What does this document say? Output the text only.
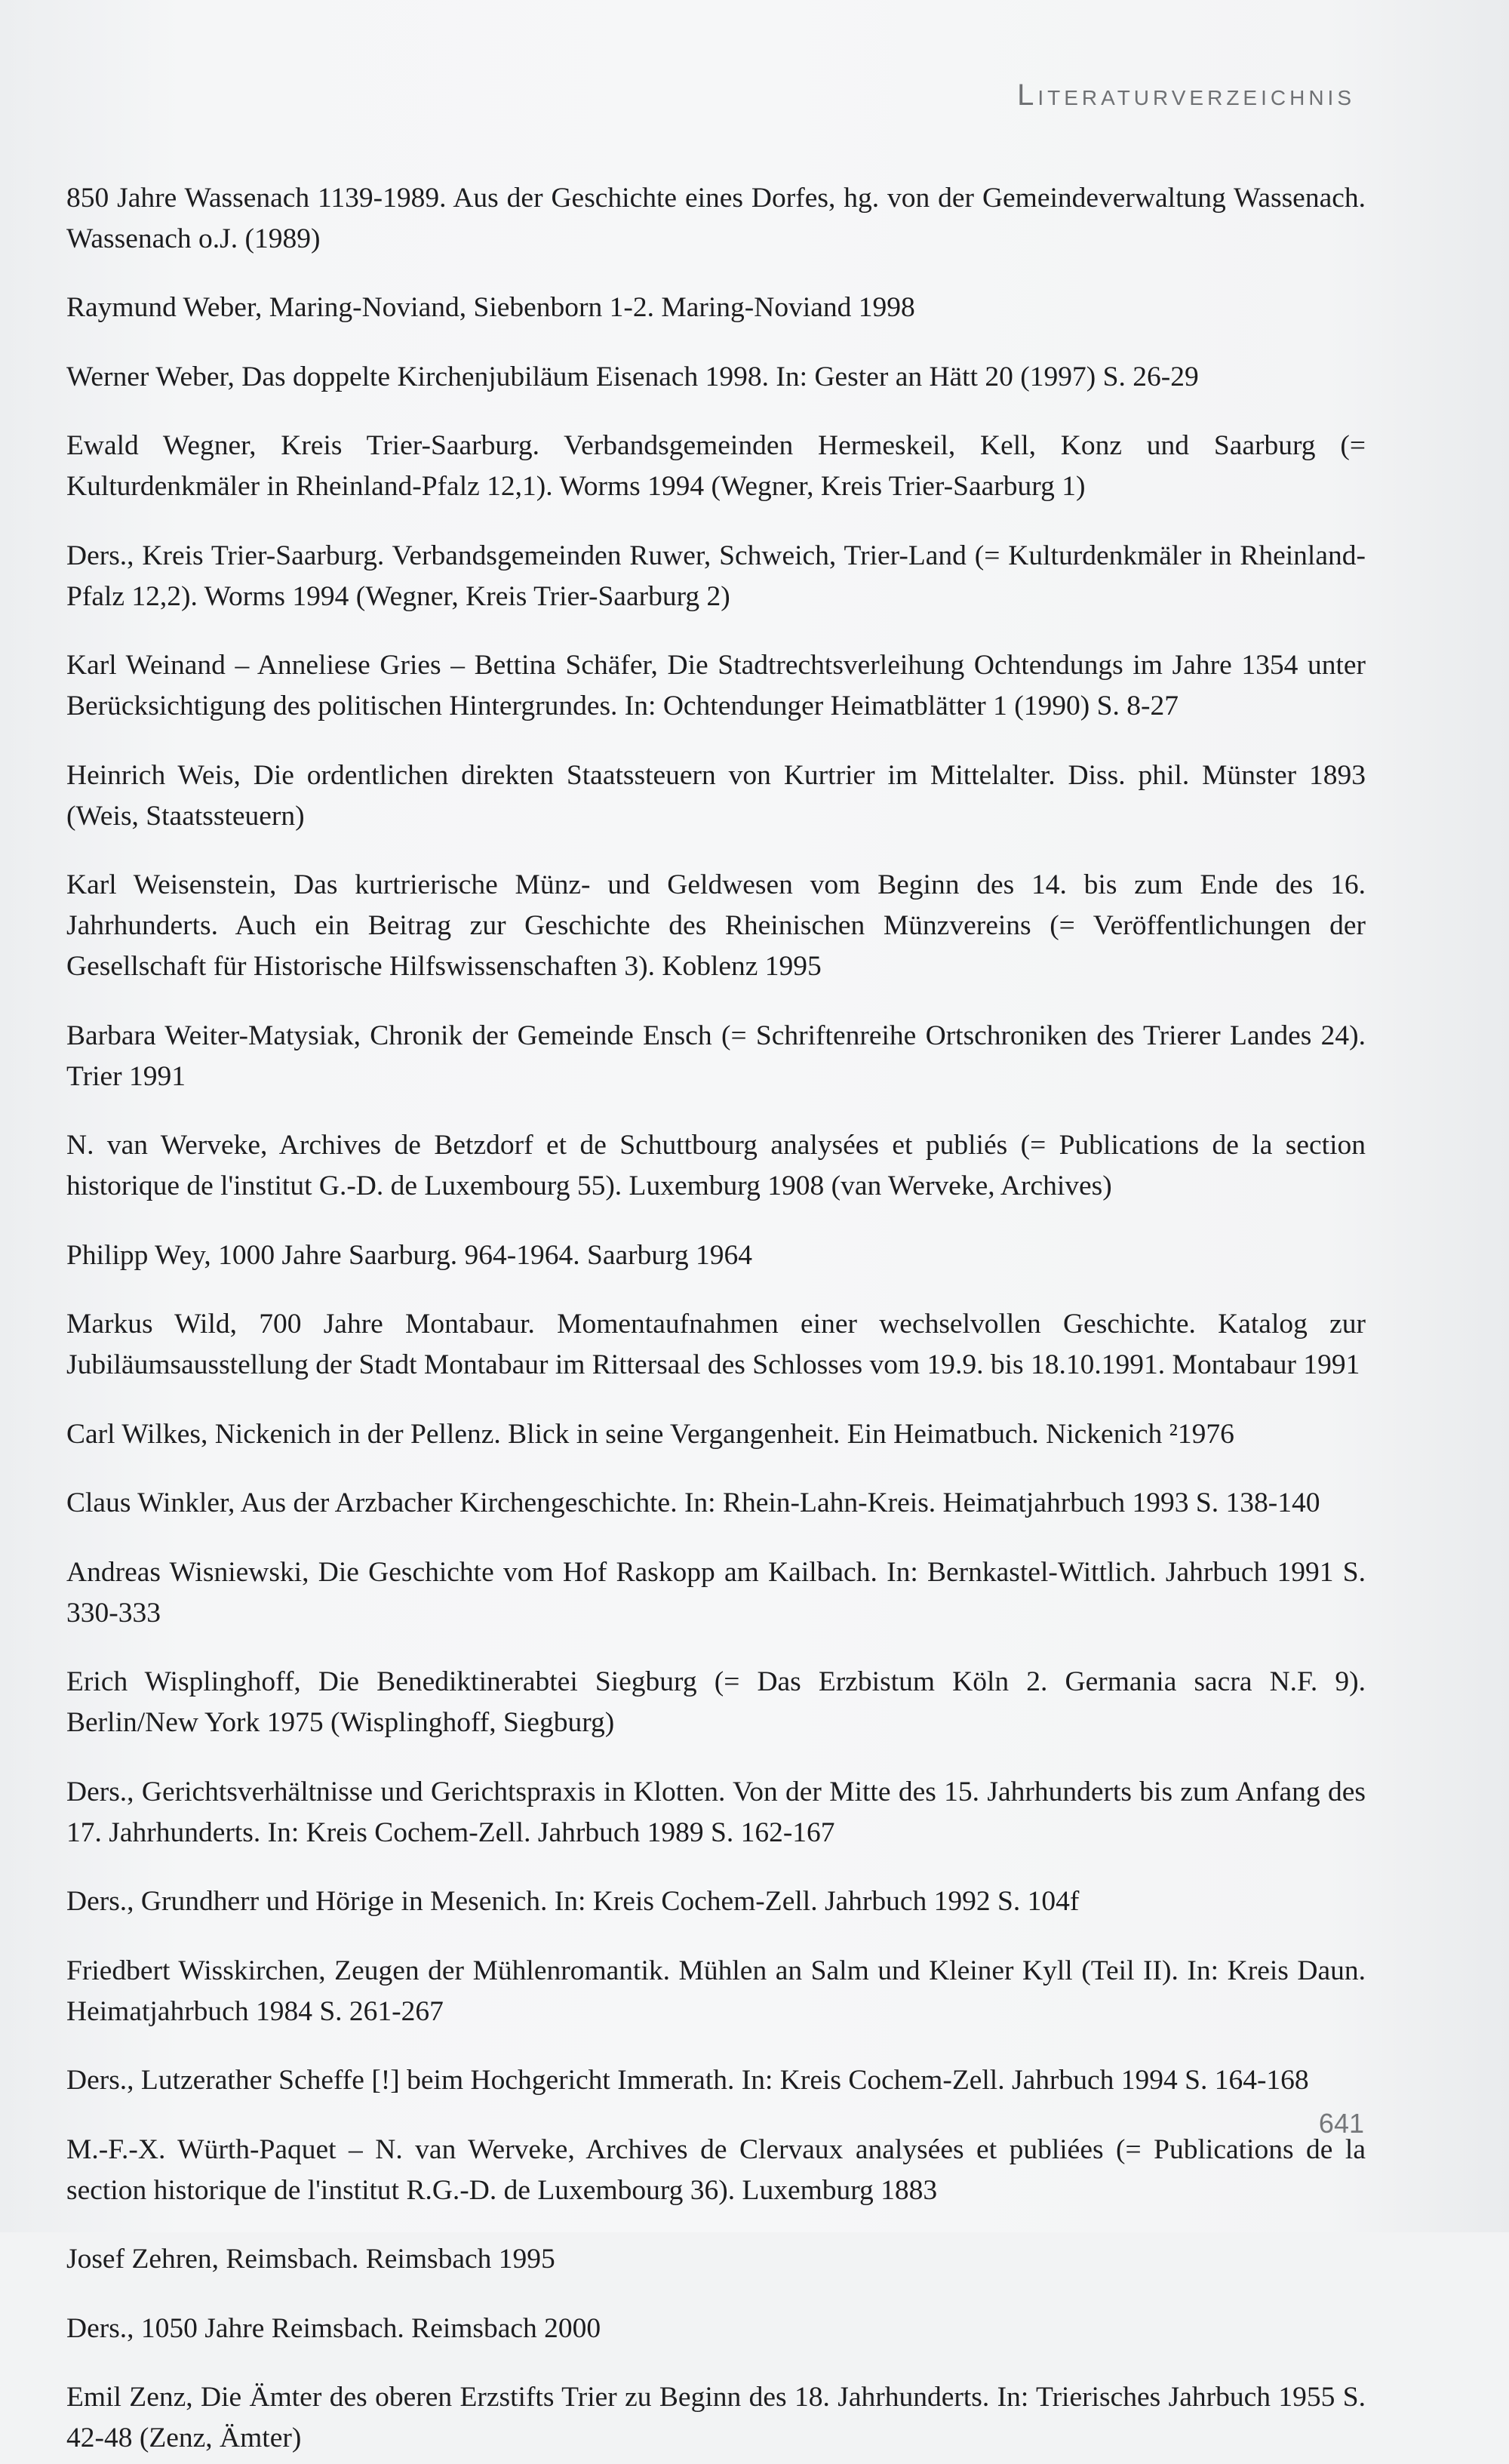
Literaturverzeichnis

850 Jahre Wassenach 1139-1989. Aus der Geschichte eines Dorfes, hg. von der Gemeindeverwaltung Wassenach. Wassenach o.J. (1989)

Raymund Weber, Maring-Noviand, Siebenborn 1-2. Maring-Noviand 1998

Werner Weber, Das doppelte Kirchenjubiläum Eisenach 1998. In: Gester an Hätt 20 (1997) S. 26-29

Ewald Wegner, Kreis Trier-Saarburg. Verbandsgemeinden Hermeskeil, Kell, Konz und Saarburg (= Kulturdenkmäler in Rheinland-Pfalz 12,1). Worms 1994 (Wegner, Kreis Trier-Saarburg 1)

Ders., Kreis Trier-Saarburg. Verbandsgemeinden Ruwer, Schweich, Trier-Land (= Kulturdenkmäler in Rheinland-Pfalz 12,2). Worms 1994 (Wegner, Kreis Trier-Saarburg 2)

Karl Weinand – Anneliese Gries – Bettina Schäfer, Die Stadtrechtsverleihung Ochtendungs im Jahre 1354 unter Berücksichtigung des politischen Hintergrundes. In: Ochtendunger Heimatblätter 1 (1990) S. 8-27

Heinrich Weis, Die ordentlichen direkten Staatssteuern von Kurtrier im Mittelalter. Diss. phil. Münster 1893 (Weis, Staatssteuern)

Karl Weisenstein, Das kurtrierische Münz- und Geldwesen vom Beginn des 14. bis zum Ende des 16. Jahrhunderts. Auch ein Beitrag zur Geschichte des Rheinischen Münzvereins (= Veröffentlichungen der Gesellschaft für Historische Hilfswissenschaften 3). Koblenz 1995

Barbara Weiter-Matysiak, Chronik der Gemeinde Ensch (= Schriftenreihe Ortschroniken des Trierer Landes 24). Trier 1991

N. van Werveke, Archives de Betzdorf et de Schuttbourg analysées et publiés (= Publications de la section historique de l'institut G.-D. de Luxembourg 55). Luxemburg 1908 (van Werveke, Archives)

Philipp Wey, 1000 Jahre Saarburg. 964-1964. Saarburg 1964

Markus Wild, 700 Jahre Montabaur. Momentaufnahmen einer wechselvollen Geschichte. Katalog zur Jubiläumsausstellung der Stadt Montabaur im Rittersaal des Schlosses vom 19.9. bis 18.10.1991. Montabaur 1991

Carl Wilkes, Nickenich in der Pellenz. Blick in seine Vergangenheit. Ein Heimatbuch. Nickenich ²1976

Claus Winkler, Aus der Arzbacher Kirchengeschichte. In: Rhein-Lahn-Kreis. Heimatjahrbuch 1993 S. 138-140

Andreas Wisniewski, Die Geschichte vom Hof Raskopp am Kailbach. In: Bernkastel-Wittlich. Jahrbuch 1991 S. 330-333

Erich Wisplinghoff, Die Benediktinerabtei Siegburg (= Das Erzbistum Köln 2. Germania sacra N.F. 9). Berlin/New York 1975 (Wisplinghoff, Siegburg)

Ders., Gerichtsverhältnisse und Gerichtspraxis in Klotten. Von der Mitte des 15. Jahrhunderts bis zum Anfang des 17. Jahrhunderts. In: Kreis Cochem-Zell. Jahrbuch 1989 S. 162-167

Ders., Grundherr und Hörige in Mesenich. In: Kreis Cochem-Zell. Jahrbuch 1992 S. 104f

Friedbert Wisskirchen, Zeugen der Mühlenromantik. Mühlen an Salm und Kleiner Kyll (Teil II). In: Kreis Daun. Heimatjahrbuch 1984 S. 261-267

Ders., Lutzerather Scheffe [!] beim Hochgericht Immerath. In: Kreis Cochem-Zell. Jahrbuch 1994 S. 164-168

M.-F.-X. Würth-Paquet – N. van Werveke, Archives de Clervaux analysées et publiées (= Publications de la section historique de l'institut R.G.-D. de Luxembourg 36). Luxemburg 1883

Josef Zehren, Reimsbach. Reimsbach 1995

Ders., 1050 Jahre Reimsbach. Reimsbach 2000

Emil Zenz, Die Ämter des oberen Erzstifts Trier zu Beginn des 18. Jahrhunderts. In: Trierisches Jahrbuch 1955 S. 42-48 (Zenz, Ämter)

641
